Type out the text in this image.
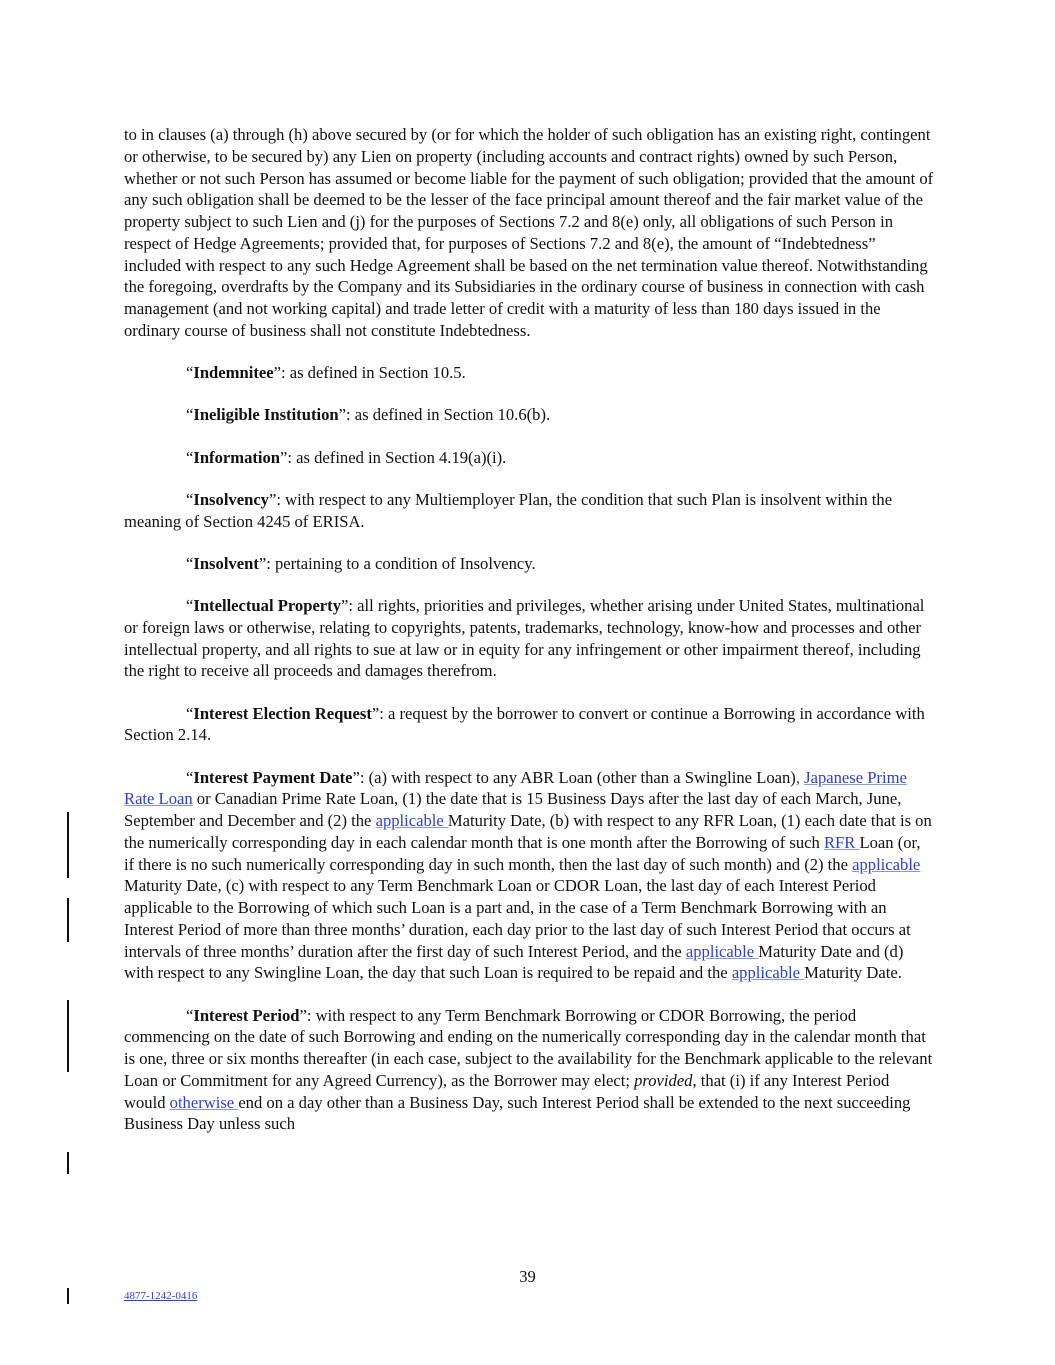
to in clauses (a) through (h) above secured by (or for which the holder of such obligation has an existing right, contingent or otherwise, to be secured by) any Lien on property (including accounts and contract rights) owned by such Person, whether or not such Person has assumed or become liable for the payment of such obligation; provided that the amount of any such obligation shall be deemed to be the lesser of the face principal amount thereof and the fair market value of the property subject to such Lien and (j) for the purposes of Sections 7.2 and 8(e) only, all obligations of such Person in respect of Hedge Agreements; provided that, for purposes of Sections 7.2 and 8(e), the amount of “Indebtedness” included with respect to any such Hedge Agreement shall be based on the net termination value thereof. Notwithstanding the foregoing, overdrafts by the Company and its Subsidiaries in the ordinary course of business in connection with cash management (and not working capital) and trade letter of credit with a maturity of less than 180 days issued in the ordinary course of business shall not constitute Indebtedness.

“Indemnitee”: as defined in Section 10.5.

“Ineligible Institution”: as defined in Section 10.6(b).

“Information”: as defined in Section 4.19(a)(i).

“Insolvency”: with respect to any Multiemployer Plan, the condition that such Plan is insolvent within the meaning of Section 4245 of ERISA.

“Insolvent”: pertaining to a condition of Insolvency.

“Intellectual Property”: all rights, priorities and privileges, whether arising under United States, multinational or foreign laws or otherwise, relating to copyrights, patents, trademarks, technology, know-how and processes and other intellectual property, and all rights to sue at law or in equity for any infringement or other impairment thereof, including the right to receive all proceeds and damages therefrom.

“Interest Election Request”: a request by the borrower to convert or continue a Borrowing in accordance with Section 2.14.

“Interest Payment Date”: (a) with respect to any ABR Loan (other than a Swingline Loan), Japanese Prime Rate Loan or Canadian Prime Rate Loan, (1) the date that is 15 Business Days after the last day of each March, June, September and December and (2) the applicable Maturity Date, (b) with respect to any RFR Loan, (1) each date that is on the numerically corresponding day in each calendar month that is one month after the Borrowing of such RFR Loan (or, if there is no such numerically corresponding day in such month, then the last day of such month) and (2) the applicable Maturity Date, (c) with respect to any Term Benchmark Loan or CDOR Loan, the last day of each Interest Period applicable to the Borrowing of which such Loan is a part and, in the case of a Term Benchmark Borrowing with an Interest Period of more than three months’ duration, each day prior to the last day of such Interest Period that occurs at intervals of three months’ duration after the first day of such Interest Period, and the applicable Maturity Date and (d) with respect to any Swingline Loan, the day that such Loan is required to be repaid and the applicable Maturity Date.

“Interest Period”: with respect to any Term Benchmark Borrowing or CDOR Borrowing, the period commencing on the date of such Borrowing and ending on the numerically corresponding day in the calendar month that is one, three or six months thereafter (in each case, subject to the availability for the Benchmark applicable to the relevant Loan or Commitment for any Agreed Currency), as the Borrower may elect; provided, that (i) if any Interest Period would otherwise end on a day other than a Business Day, such Interest Period shall be extended to the next succeeding Business Day unless such

39
4877-1242-0416
